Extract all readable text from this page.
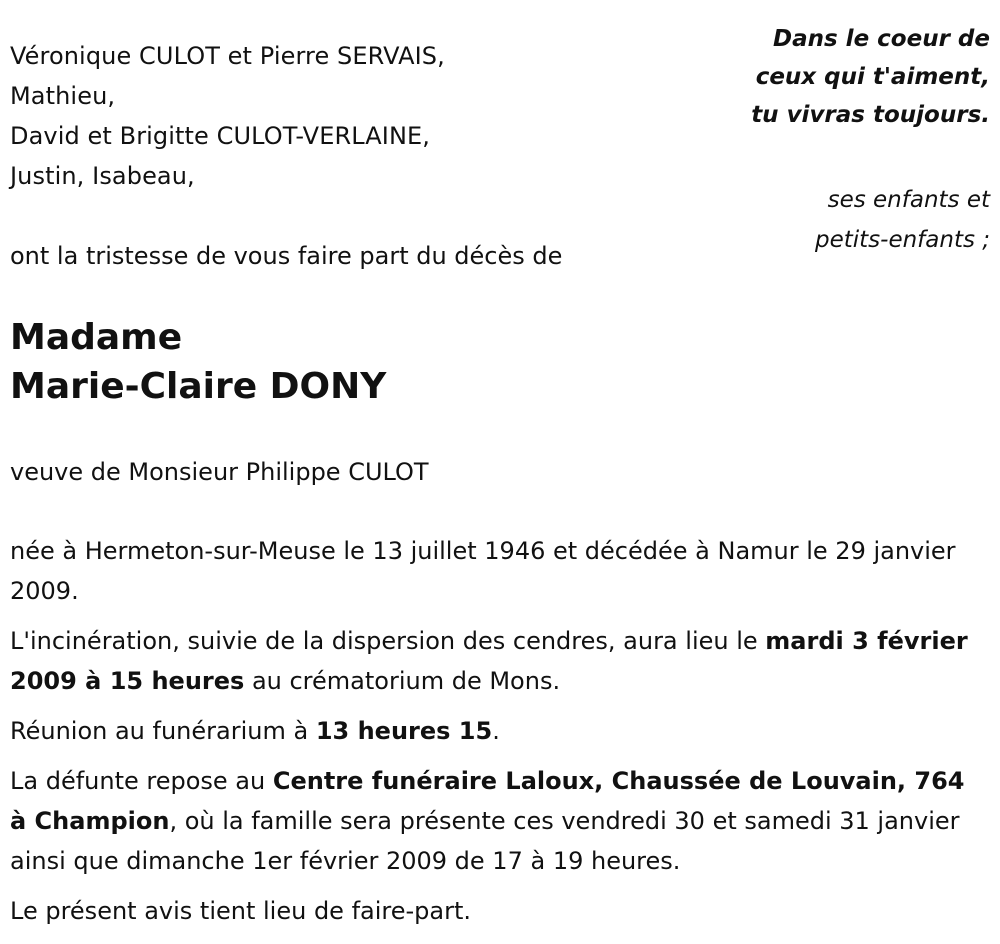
Véronique CULOT et Pierre SERVAIS,
Mathieu,
David et Brigitte CULOT-VERLAINE,
Justin, Isabeau,
Dans le coeur de
ceux qui t'aiment,
tu vivras toujours.
ses enfants et
petits-enfants ;
ont la tristesse de vous faire part du décès de
Madame
Marie-Claire DONY
veuve de Monsieur Philippe CULOT

née à Hermeton-sur-Meuse le 13 juillet 1946 et décédée à Namur le 29 janvier 2009.

L'incinération, suivie de la dispersion des cendres, aura lieu le mardi 3 février 2009 à 15 heures au crématorium de Mons.

Réunion au funérarium à 13 heures 15.

La défunte repose au Centre funéraire Laloux, Chaussée de Louvain, 764 à Champion, où la famille sera présente ces vendredi 30 et samedi 31 janvier ainsi que dimanche 1er février 2009 de 17 à 19 heures.

Le présent avis tient lieu de faire-part.
